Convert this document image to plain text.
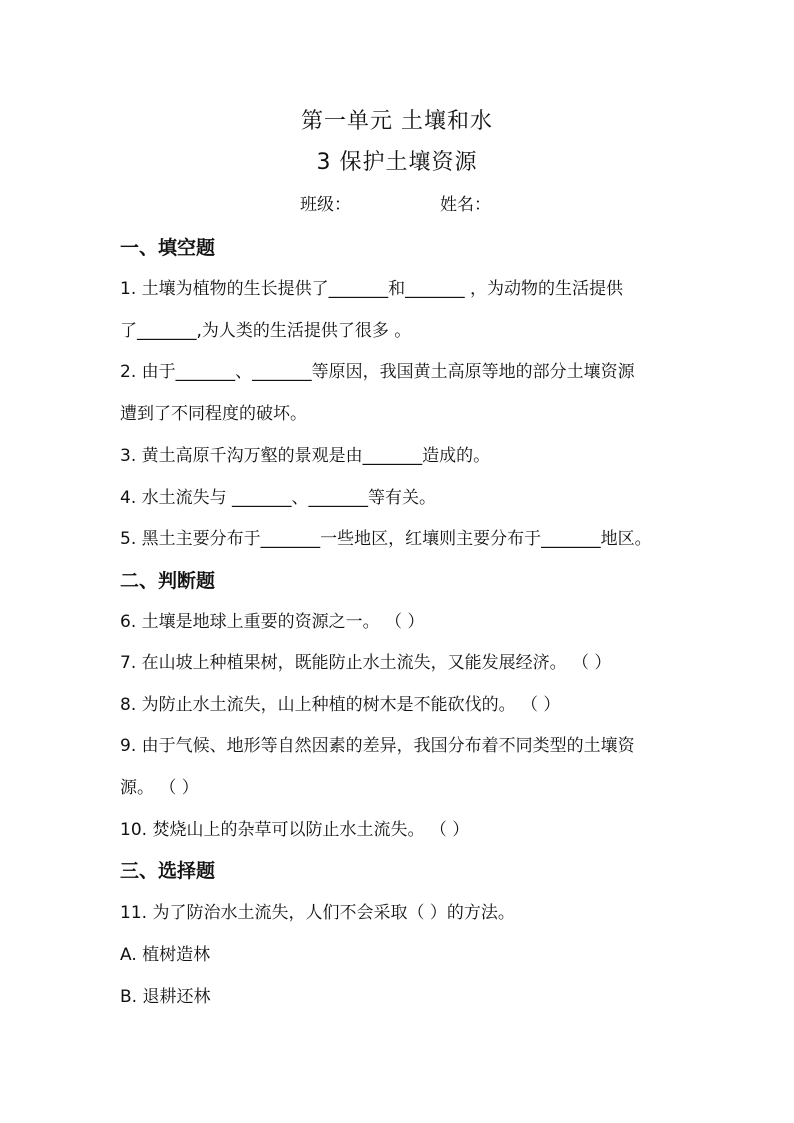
第一单元 土壤和水
3 保护土壤资源
班级：	姓名：
一、填空题
1. 土壤为植物的生长提供了_______和_______ ，为动物的生活提供
了_______,为人类的生活提供了很多 。
2. 由于_______、_______等原因，我国黄土高原等地的部分土壤资源
遭到了不同程度的破坏。
3. 黄土高原千沟万壑的景观是由_______造成的。
4. 水土流失与 _______、_______等有关。
5. 黑土主要分布于_______一些地区，红壤则主要分布于_______地区。
二、判断题
6. 土壤是地球上重要的资源之一。 （ ）
7. 在山坡上种植果树，既能防止水土流失，又能发展经济。 （ ）
8. 为防止水土流失，山上种植的树木是不能砍伐的。 （ ）
9. 由于气候、地形等自然因素的差异，我国分布着不同类型的土壤资
源。 （ ）
10. 焚烧山上的杂草可以防止水土流失。 （ ）
三、选择题
11. 为了防治水土流失，人们不会采取（ ）的方法。
A. 植树造林
B. 退耕还林
